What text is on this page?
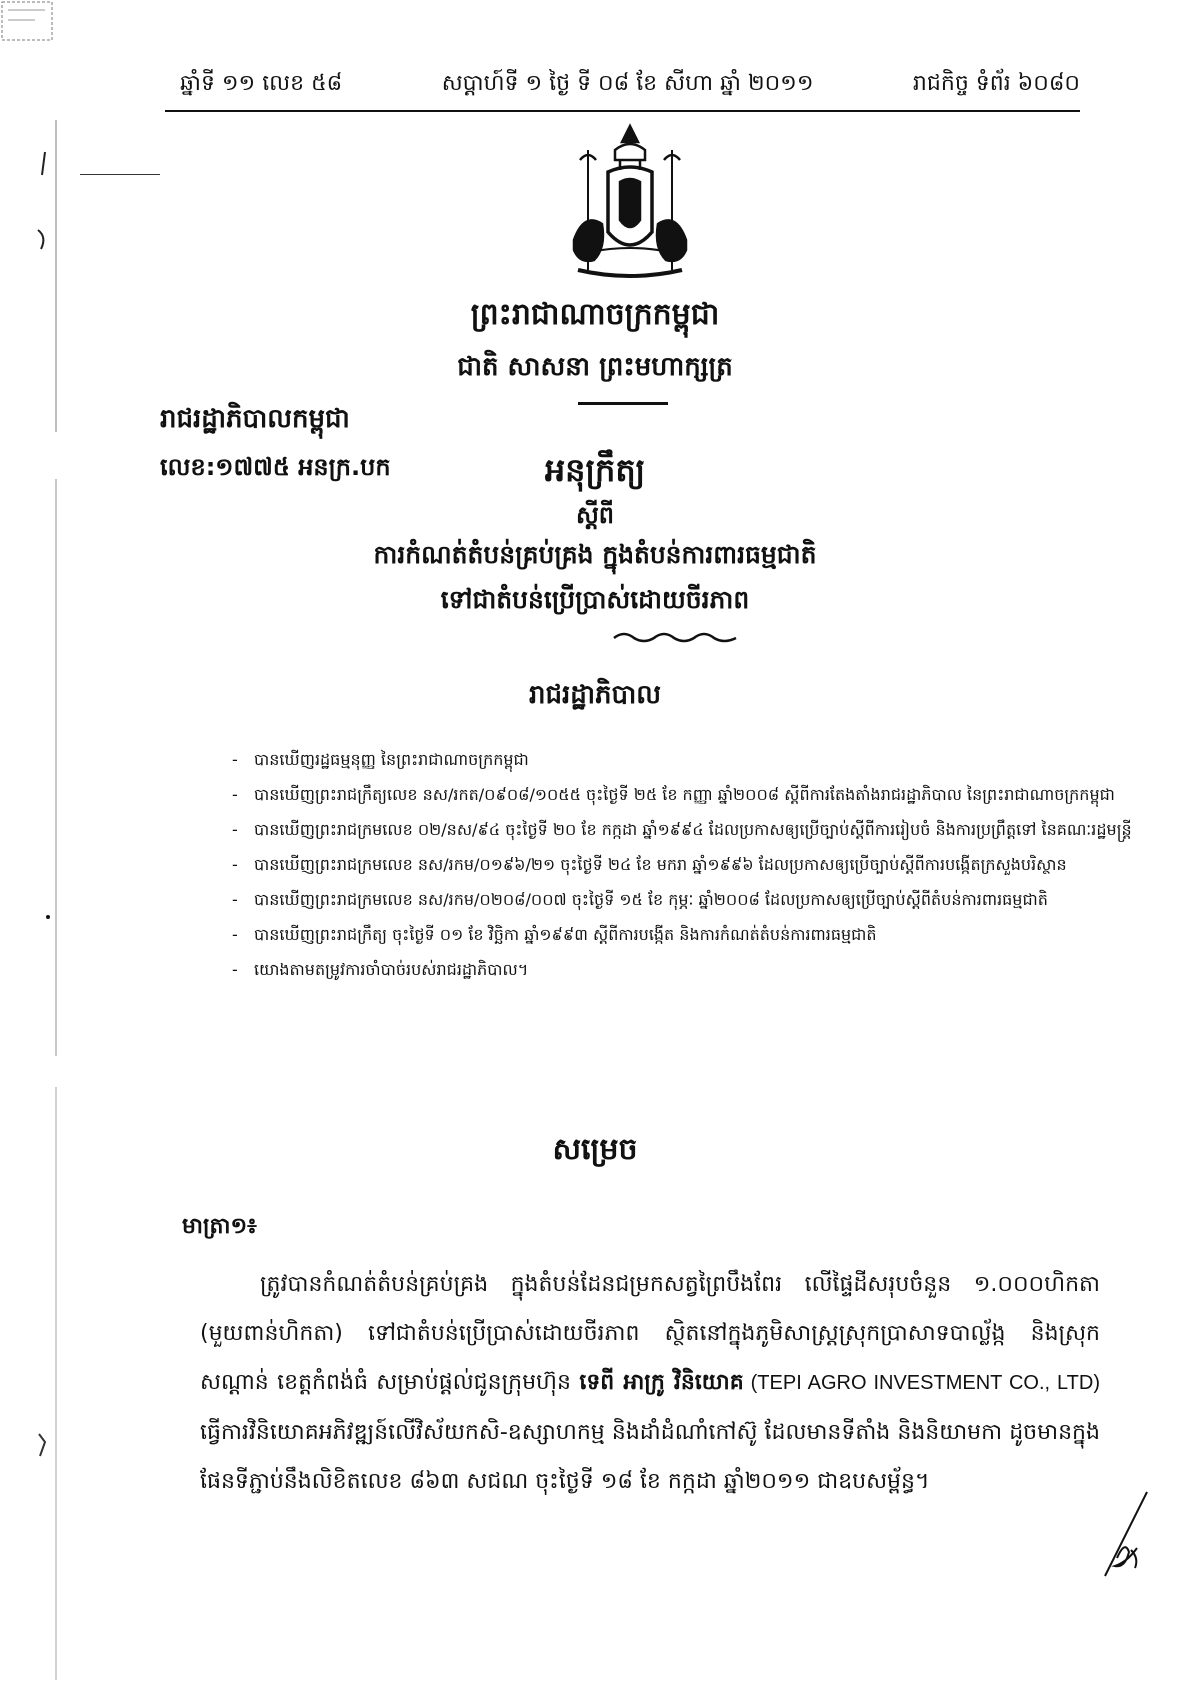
ឆ្នាំទី ១១ លេខ ៥៨	សប្តាហ៍ទី ១ ថ្ងៃ ទី ០៨ ខែ សីហា ឆ្នាំ ២០១១	រាជកិច្ច ទំព័រ ៦០៨០
ព្រះរាជាណាចក្រកម្ពុជា
ជាតិ សាសនា ព្រះមហាក្សត្រ
រាជរដ្ឋាភិបាលកម្ពុជា
លេខ:១៧៧៥ អនក្រ.បក	អនុក្រឹត្យ
ស្តីពី
ការកំណត់តំបន់គ្រប់គ្រង ក្នុងតំបន់ការពារធម្មជាតិ
ទៅជាតំបន់ប្រើប្រាស់ដោយចីរភាព
រាជរដ្ឋាភិបាល
- បានឃើញរដ្ឋធម្មនុញ្ញ នៃព្រះរាជាណាចក្រកម្ពុជា
- បានឃើញព្រះរាជក្រឹត្យលេខ នស/រកត/០៩០៨/១០៥៥ ចុះថ្ងៃទី ២៥ ខែ កញ្ញា ឆ្នាំ២០០៨ ស្តីពីការតែងតាំងរាជរដ្ឋាភិបាល នៃព្រះរាជាណាចក្រកម្ពុជា
- បានឃើញព្រះរាជក្រមលេខ ០២/នស/៩៤ ចុះថ្ងៃទី ២០ ខែ កក្កដា ឆ្នាំ១៩៩៤ ដែលប្រកាសឲ្យប្រើច្បាប់ស្តីពីការរៀបចំ និងការប្រព្រឹត្តទៅ នៃគណៈរដ្ឋមន្ត្រី
- បានឃើញព្រះរាជក្រមលេខ នស/រកម/០១៩៦/២១ ចុះថ្ងៃទី ២៤ ខែ មករា ឆ្នាំ១៩៩៦ ដែលប្រកាសឲ្យប្រើច្បាប់ស្តីពីការបង្កើតក្រសួងបរិស្ថាន
- បានឃើញព្រះរាជក្រមលេខ នស/រកម/០២០៨/០០៧ ចុះថ្ងៃទី ១៥ ខែ កុម្ភៈ ឆ្នាំ២០០៨ ដែលប្រកាសឲ្យប្រើច្បាប់ស្តីពីតំបន់ការពារធម្មជាតិ
- បានឃើញព្រះរាជក្រឹត្យ ចុះថ្ងៃទី ០១ ខែ វិច្ឆិកា ឆ្នាំ១៩៩៣ ស្តីពីការបង្កើត និងការកំណត់តំបន់ការពារធម្មជាតិ
- យោងតាមតម្រូវការចាំបាច់របស់រាជរដ្ឋាភិបាល។
សម្រេច
មាត្រា១៖
ត្រូវបានកំណត់តំបន់គ្រប់គ្រង ក្នុងតំបន់ដែនជម្រកសត្វព្រៃបឹងពែរ លើផ្ទៃដីសរុបចំនួន ១.០០០ហិកតា (មួយពាន់ហិកតា) ទៅជាតំបន់ប្រើប្រាស់ដោយចីរភាព ស្ថិតនៅក្នុងភូមិសាស្ត្រស្រុកប្រាសាទបាល្ល័ង្ក និងស្រុកសណ្តាន់ ខេត្តកំពង់ធំ សម្រាប់ផ្តល់ជូនក្រុមហ៊ុន ទេពី អាក្រូ វិនិយោគ (TEPI AGRO INVESTMENT CO., LTD) ធ្វើការវិនិយោគអភិវឌ្ឍន៍លើវិស័យកសិ-ឧស្សាហកម្ម និងដាំដំណាំកៅស៊ូ ដែលមានទីតាំង និងនិយាមកា ដូចមានក្នុងផែនទីភ្ជាប់នឹងលិខិតលេខ ៨៦៣ សជណ ចុះថ្ងៃទី ១៨ ខែ កក្កដា ឆ្នាំ២០១១ ជាឧបសម្ព័ន្ធ។
